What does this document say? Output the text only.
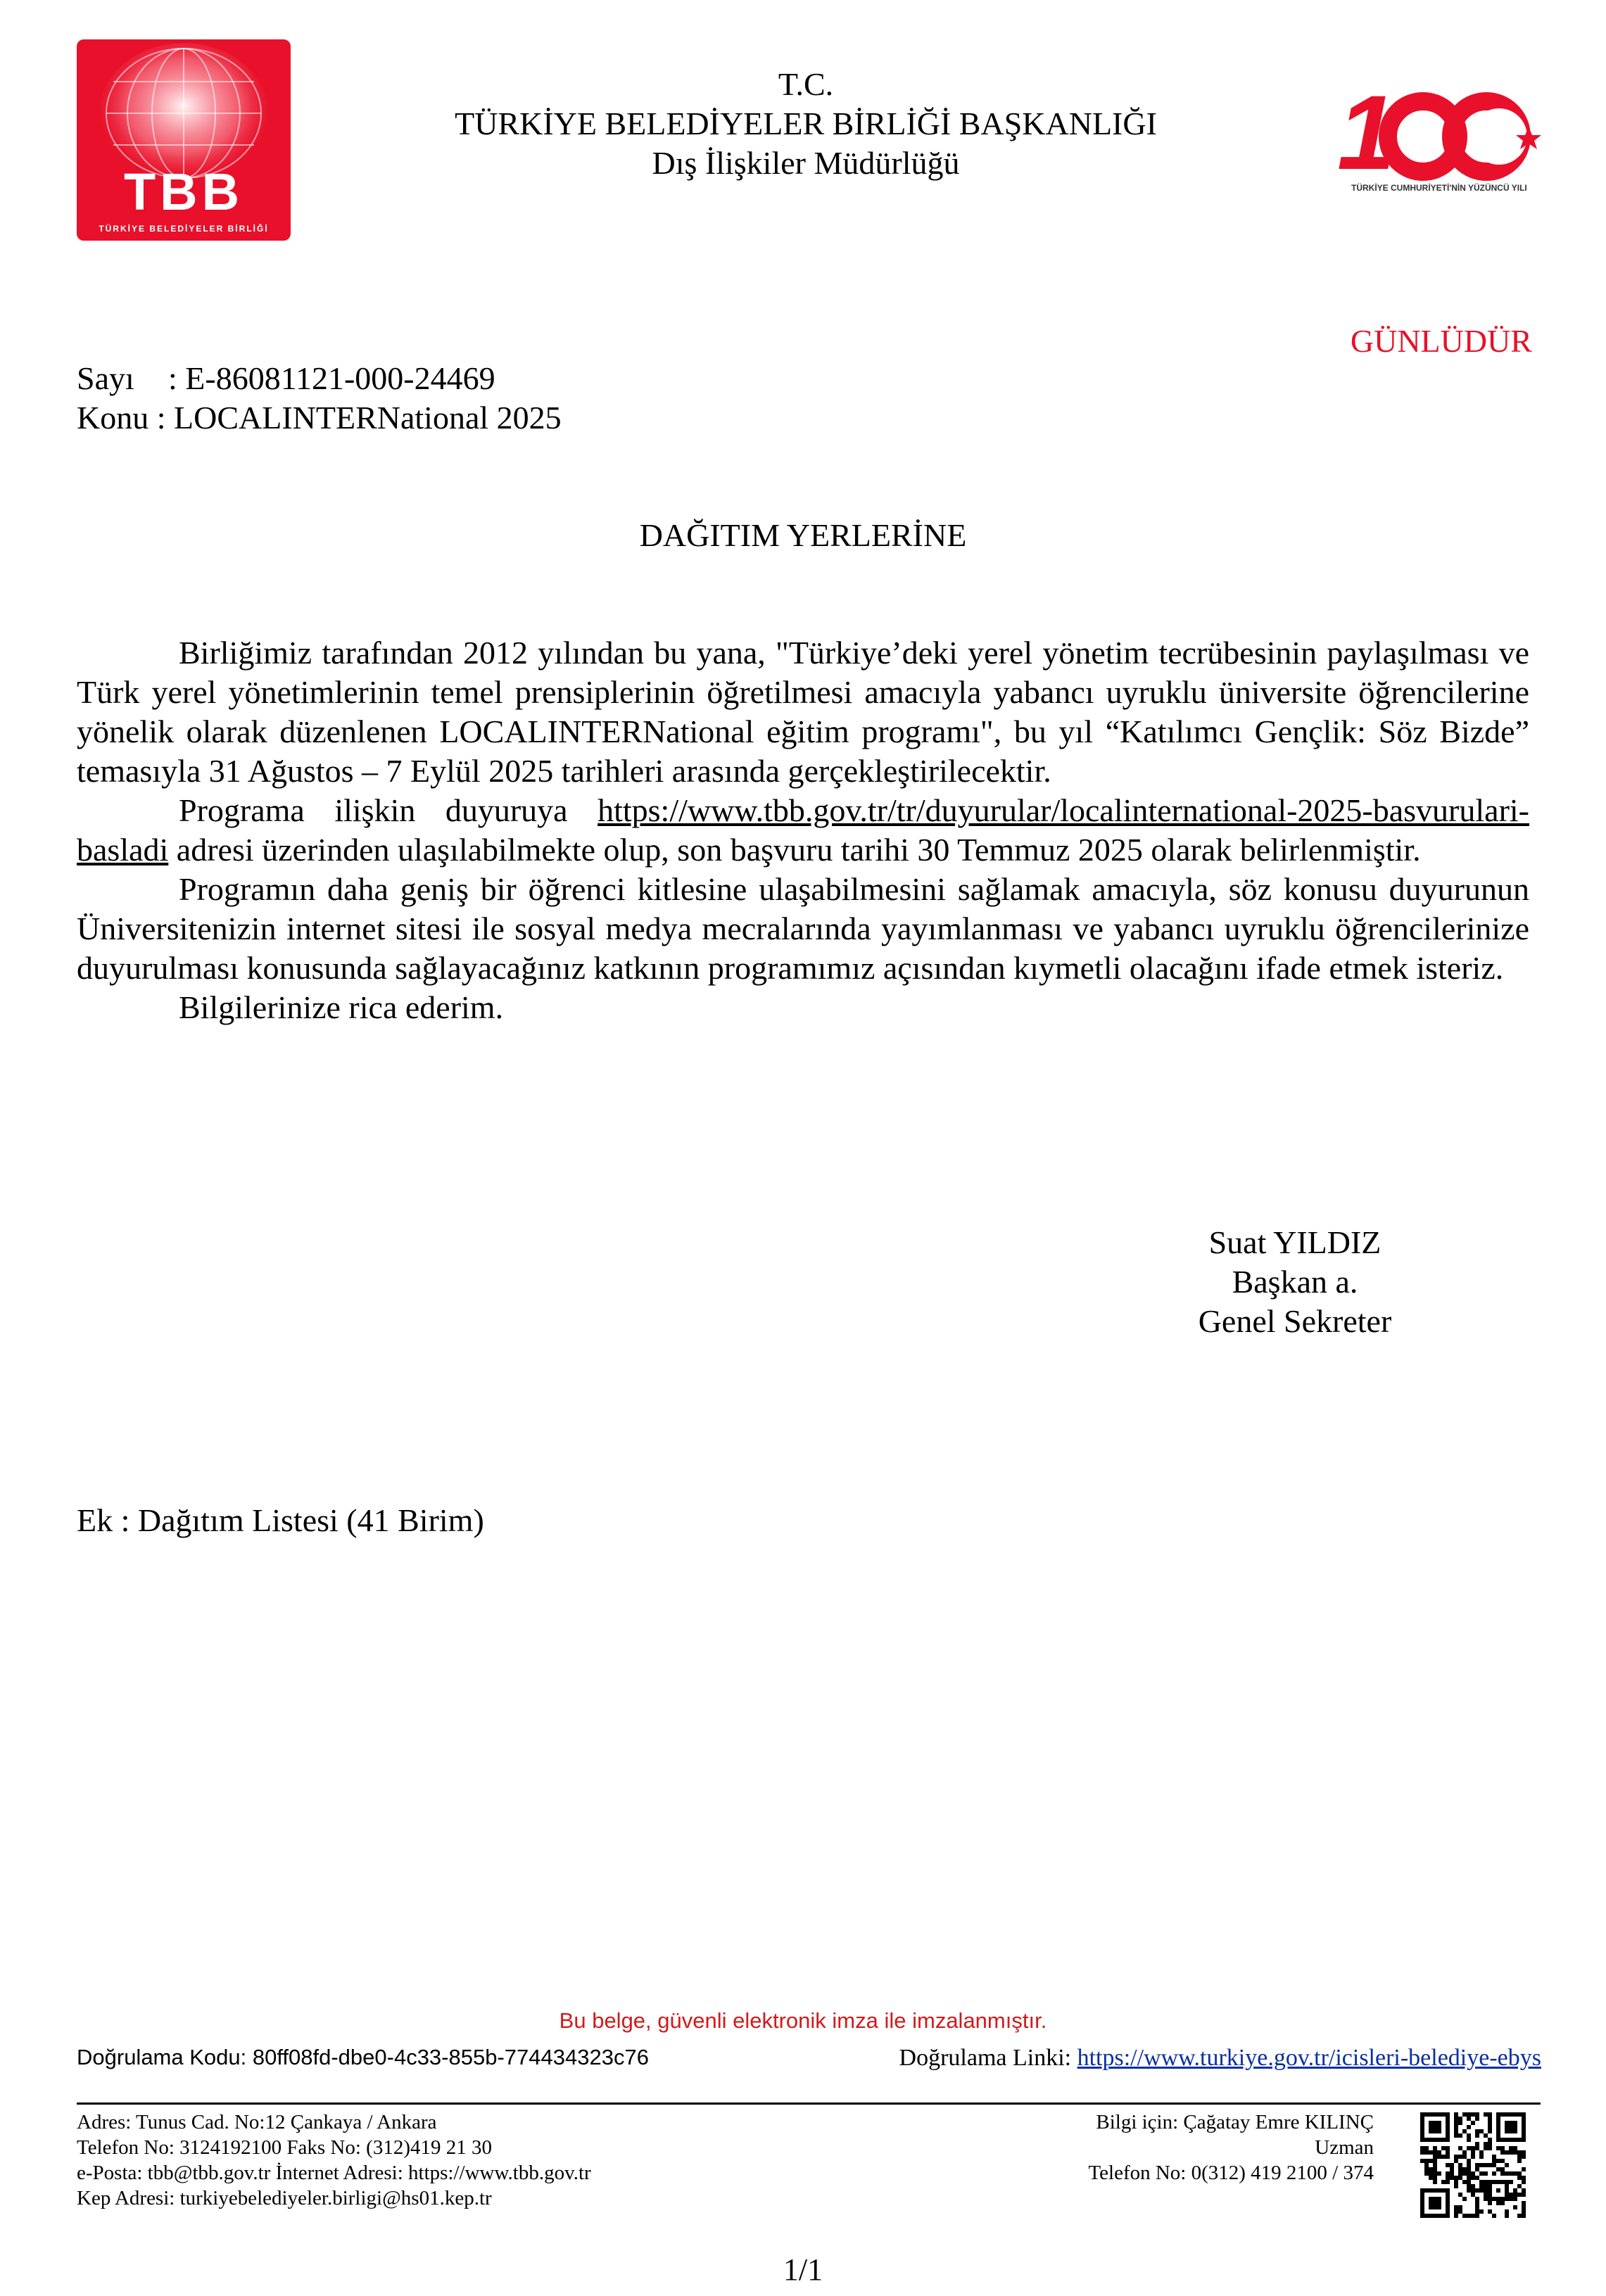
TBB
TÜRKİYE BELEDİYELER BİRLİĞİ
T.C.
TÜRKİYE BELEDİYELER BİRLİĞİ BAŞKANLIĞI
Dış İlişkiler Müdürlüğü	1
TÜRKİYE CUMHURİYETİ'NİN YÜZÜNCÜ YILI
GÜNLÜDÜR
Sayı : E-86081121-000-24469
Konu : LOCALINTERNational 2025
DAĞITIM YERLERİNE

Birliğimiz tarafından 2012 yılından bu yana, "Türkiye’deki yerel yönetim tecrübesinin paylaşılması ve Türk yerel yönetimlerinin temel prensiplerinin öğretilmesi amacıyla yabancı uyruklu üniversite öğrencilerine yönelik olarak düzenlenen LOCALINTERNational eğitim programı", bu yıl “Katılımcı Gençlik: Söz Bizde” temasıyla 31 Ağustos – 7 Eylül 2025 tarihleri arasında gerçekleştirilecektir.

Programa ilişkin duyuruya https://www.tbb.gov.tr/tr/duyurular/localinternational-2025-basvurulari-basladi adresi üzerinden ulaşılabilmekte olup, son başvuru tarihi 30 Temmuz 2025 olarak belirlenmiştir.

Programın daha geniş bir öğrenci kitlesine ulaşabilmesini sağlamak amacıyla, söz konusu duyurunun Üniversitenizin internet sitesi ile sosyal medya mecralarında yayımlanması ve yabancı uyruklu öğrencilerinize duyurulması konusunda sağlayacağınız katkının programımız açısından kıymetli olacağını ifade etmek isteriz.

Bilgilerinize rica ederim.

Suat YILDIZ
Başkan a.
Genel Sekreter
Ek : Dağıtım Listesi (41 Birim)
Bu belge, güvenli elektronik imza ile imzalanmıştır.
Doğrulama Kodu: 80ff08fd-dbe0-4c33-855b-774434323c76	Doğrulama Linki: https://www.turkiye.gov.tr/icisleri-belediye-ebys
Adres: Tunus Cad. No:12 Çankaya / Ankara
Telefon No: 3124192100 Faks No: (312)419 21 30
e-Posta: tbb@tbb.gov.tr İnternet Adresi: https://www.tbb.gov.tr
Kep Adresi: turkiyebelediyeler.birligi@hs01.kep.tr
Bilgi için: Çağatay Emre KILINÇ
Uzman
Telefon No: 0(312) 419 2100 / 374
1/1
